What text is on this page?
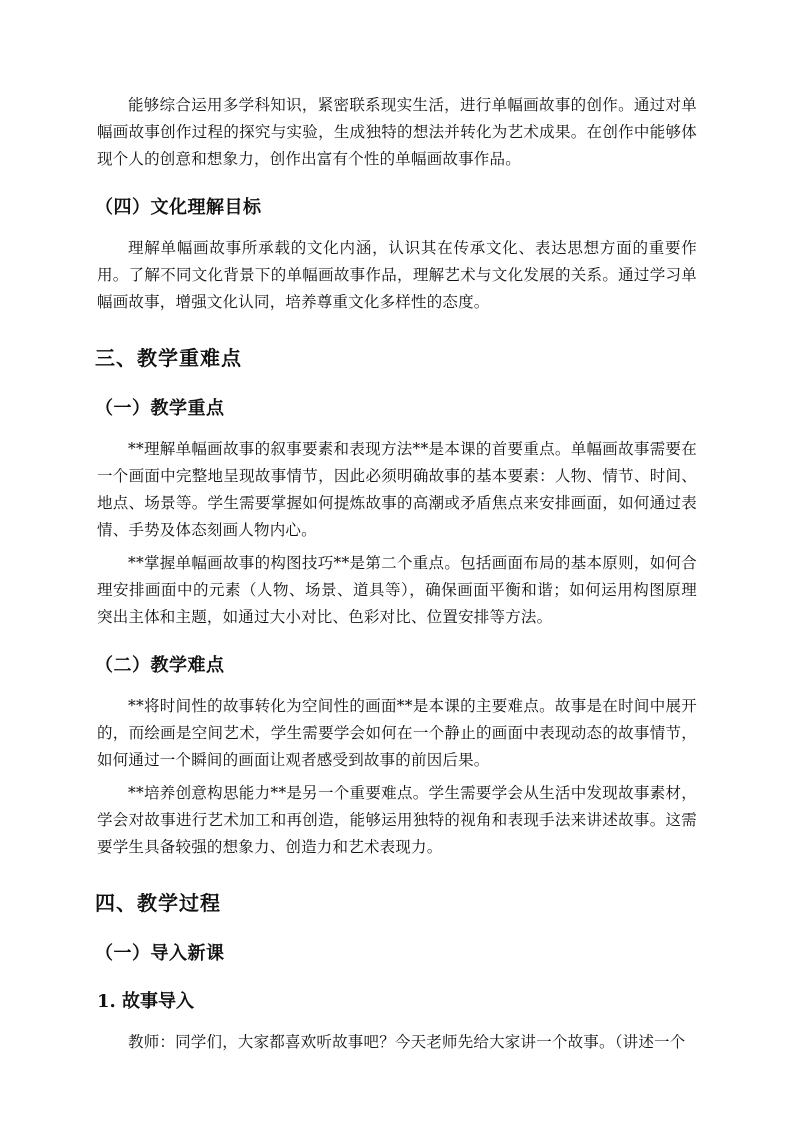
能够综合运用多学科知识，紧密联系现实生活，进行单幅画故事的创作。通过对单幅画故事创作过程的探究与实验，生成独特的想法并转化为艺术成果。在创作中能够体现个人的创意和想象力，创作出富有个性的单幅画故事作品。

（四）文化理解目标

理解单幅画故事所承载的文化内涵，认识其在传承文化、表达思想方面的重要作用。了解不同文化背景下的单幅画故事作品，理解艺术与文化发展的关系。通过学习单幅画故事，增强文化认同，培养尊重文化多样性的态度。

三、教学重难点
（一）教学重点

**理解单幅画故事的叙事要素和表现方法**是本课的首要重点。单幅画故事需要在一个画面中完整地呈现故事情节，因此必须明确故事的基本要素：人物、情节、时间、地点、场景等。学生需要掌握如何提炼故事的高潮或矛盾焦点来安排画面，如何通过表情、手势及体态刻画人物内心。

**掌握单幅画故事的构图技巧**是第二个重点。包括画面布局的基本原则，如何合理安排画面中的元素（人物、场景、道具等），确保画面平衡和谐；如何运用构图原理突出主体和主题，如通过大小对比、色彩对比、位置安排等方法。

（二）教学难点

**将时间性的故事转化为空间性的画面**是本课的主要难点。故事是在时间中展开的，而绘画是空间艺术，学生需要学会如何在一个静止的画面中表现动态的故事情节，如何通过一个瞬间的画面让观者感受到故事的前因后果。

**培养创意构思能力**是另一个重要难点。学生需要学会从生活中发现故事素材，学会对故事进行艺术加工和再创造，能够运用独特的视角和表现手法来讲述故事。这需要学生具备较强的想象力、创造力和艺术表现力。

四、教学过程
（一）导入新课
1. 故事导入

教师：同学们，大家都喜欢听故事吧？今天老师先给大家讲一个故事。（讲述一个
